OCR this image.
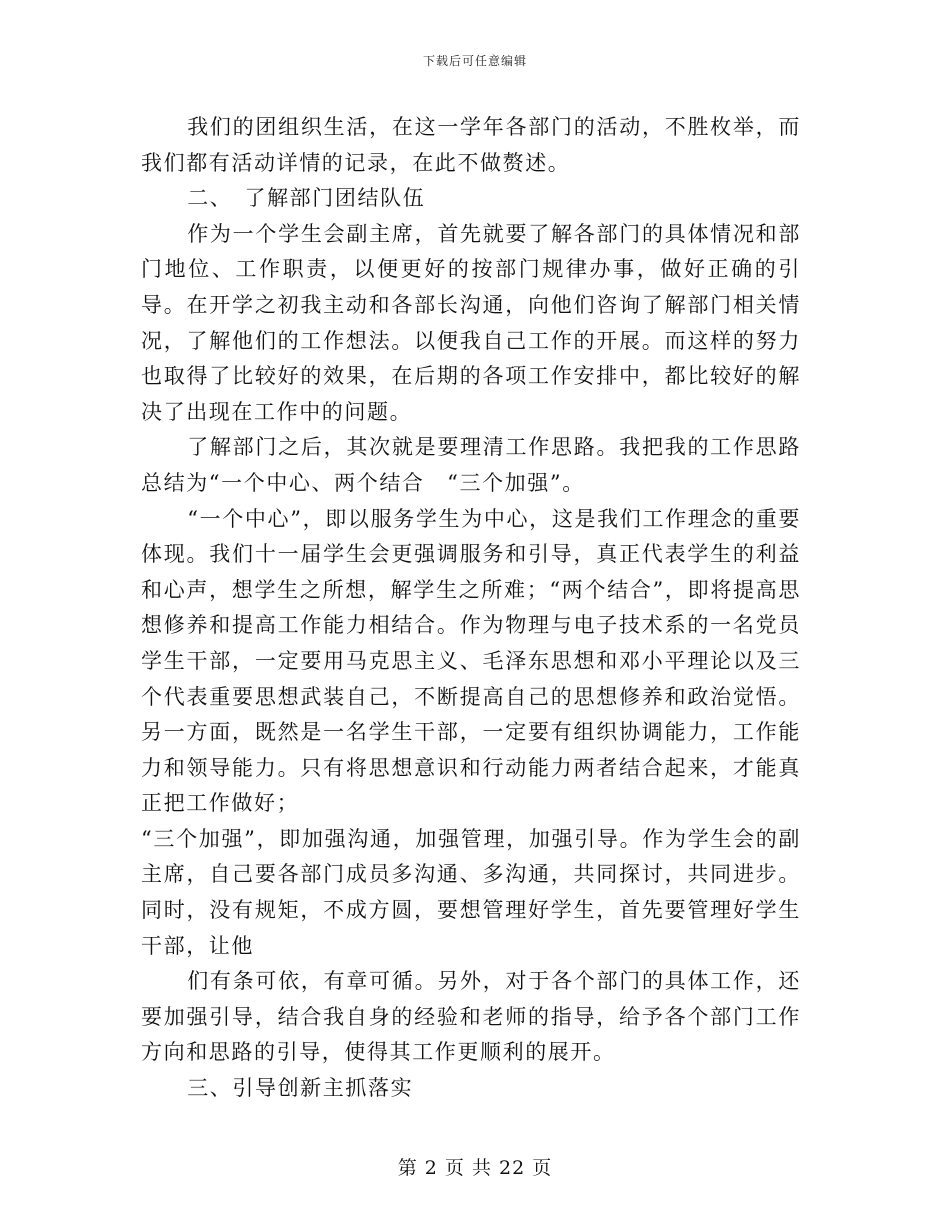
下载后可任意编辑

我们的团组织生活，在这一学年各部门的活动，不胜枚举，而我们都有活动详情的记录，在此不做赘述。

二、　了解部门团结队伍

作为一个学生会副主席，首先就要了解各部门的具体情况和部门地位、工作职责，以便更好的按部门规律办事，做好正确的引导。在开学之初我主动和各部长沟通，向他们咨询了解部门相关情况，了解他们的工作想法。以便我自己工作的开展。而这样的努力也取得了比较好的效果，在后期的各项工作安排中，都比较好的解决了出现在工作中的问题。

了解部门之后，其次就是要理清工作思路。我把我的工作思路总结为“一个中心、两个结合　“三个加强”。

“一个中心”，即以服务学生为中心，这是我们工作理念的重要体现。我们十一届学生会更强调服务和引导，真正代表学生的利益和心声，想学生之所想，解学生之所难；“两个结合”，即将提高思想修养和提高工作能力相结合。作为物理与电子技术系的一名党员学生干部，一定要用马克思主义、毛泽东思想和邓小平理论以及三个代表重要思想武装自己，不断提高自己的思想修养和政治觉悟。另一方面，既然是一名学生干部，一定要有组织协调能力，工作能力和领导能力。只有将思想意识和行动能力两者结合起来，才能真正把工作做好；

“三个加强”，即加强沟通，加强管理，加强引导。作为学生会的副主席，自己要各部门成员多沟通、多沟通，共同探讨，共同进步。同时，没有规矩，不成方圆，要想管理好学生，首先要管理好学生干部，让他

们有条可依，有章可循。另外，对于各个部门的具体工作，还要加强引导，结合我自身的经验和老师的指导，给予各个部门工作方向和思路的引导，使得其工作更顺利的展开。

三、引导创新主抓落实

第 2 页 共 22 页
